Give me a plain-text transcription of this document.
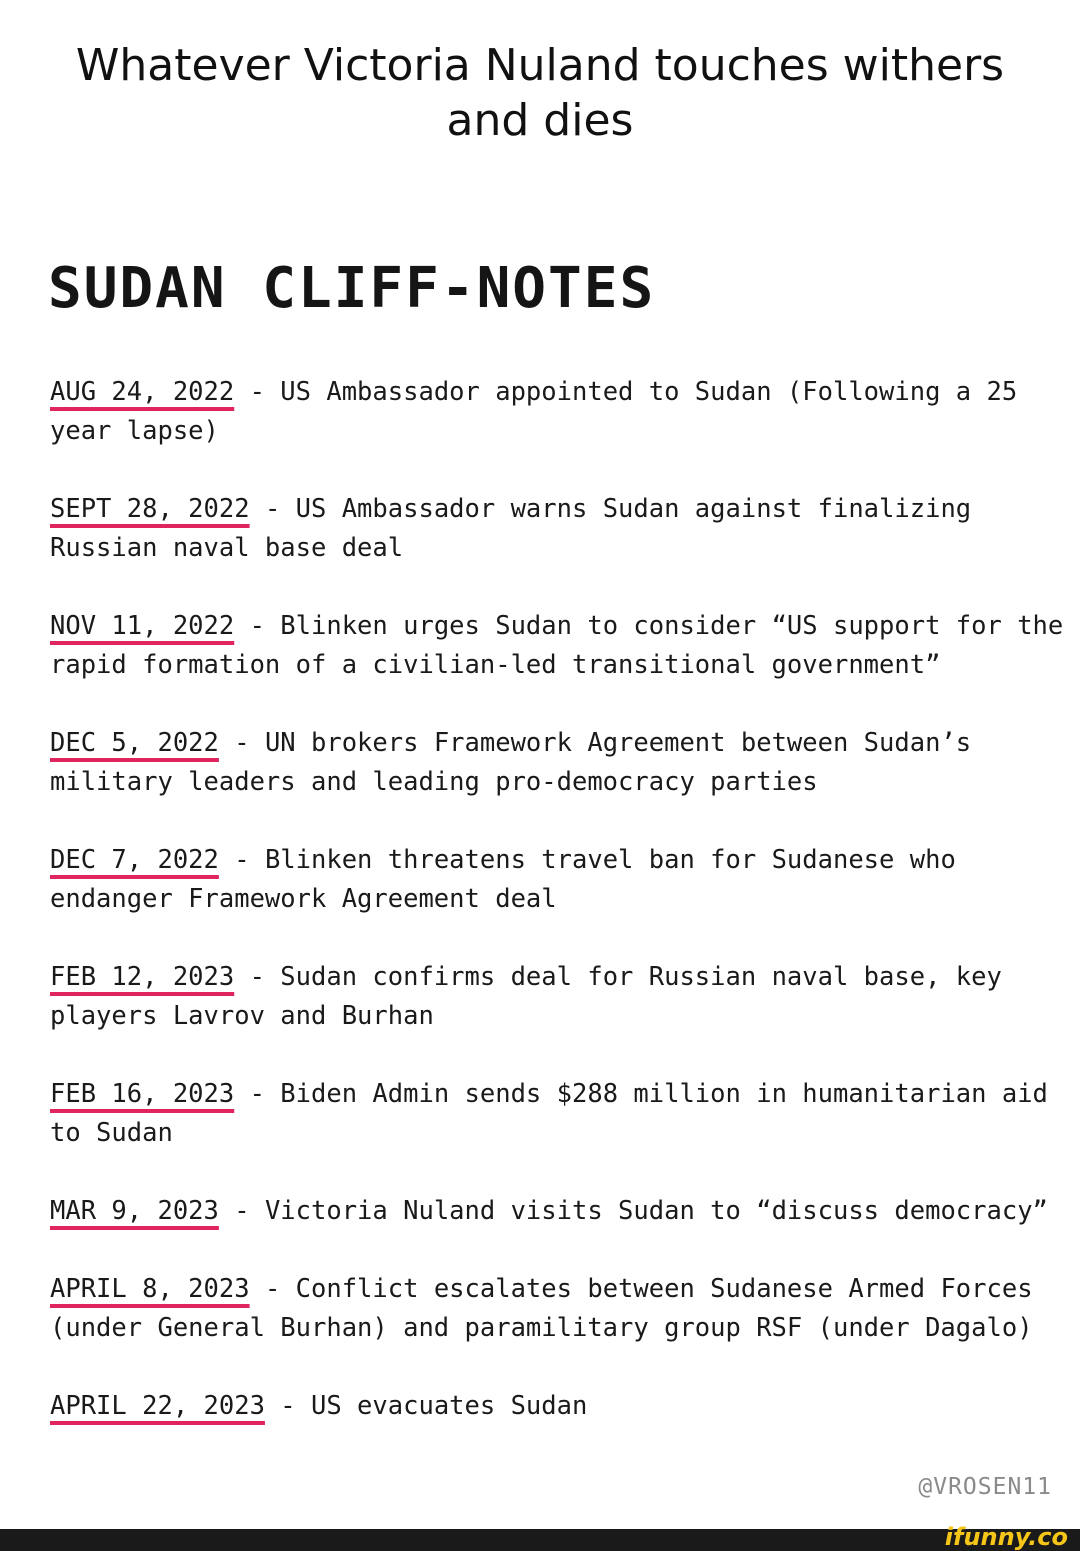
Whatever Victoria Nuland touches withers and dies
SUDAN CLIFF-NOTES
AUG 24, 2022 - US Ambassador appointed to Sudan (Following a 25 year lapse)
SEPT 28, 2022 - US Ambassador warns Sudan against finalizing Russian naval base deal
NOV 11, 2022 - Blinken urges Sudan to consider “US support for the rapid formation of a civilian-led transitional government”
DEC 5, 2022 - UN brokers Framework Agreement between Sudan’s military leaders and leading pro-democracy parties
DEC 7, 2022 - Blinken threatens travel ban for Sudanese who endanger Framework Agreement deal
FEB 12, 2023 - Sudan confirms deal for Russian naval base, key players Lavrov and Burhan
FEB 16, 2023 - Biden Admin sends $288 million in humanitarian aid to Sudan
MAR 9, 2023 - Victoria Nuland visits Sudan to “discuss democracy”
APRIL 8, 2023 - Conflict escalates between Sudanese Armed Forces (under General Burhan) and paramilitary group RSF (under Dagalo)
APRIL 22, 2023 - US evacuates Sudan
@VROSEN11
ifunny.co
